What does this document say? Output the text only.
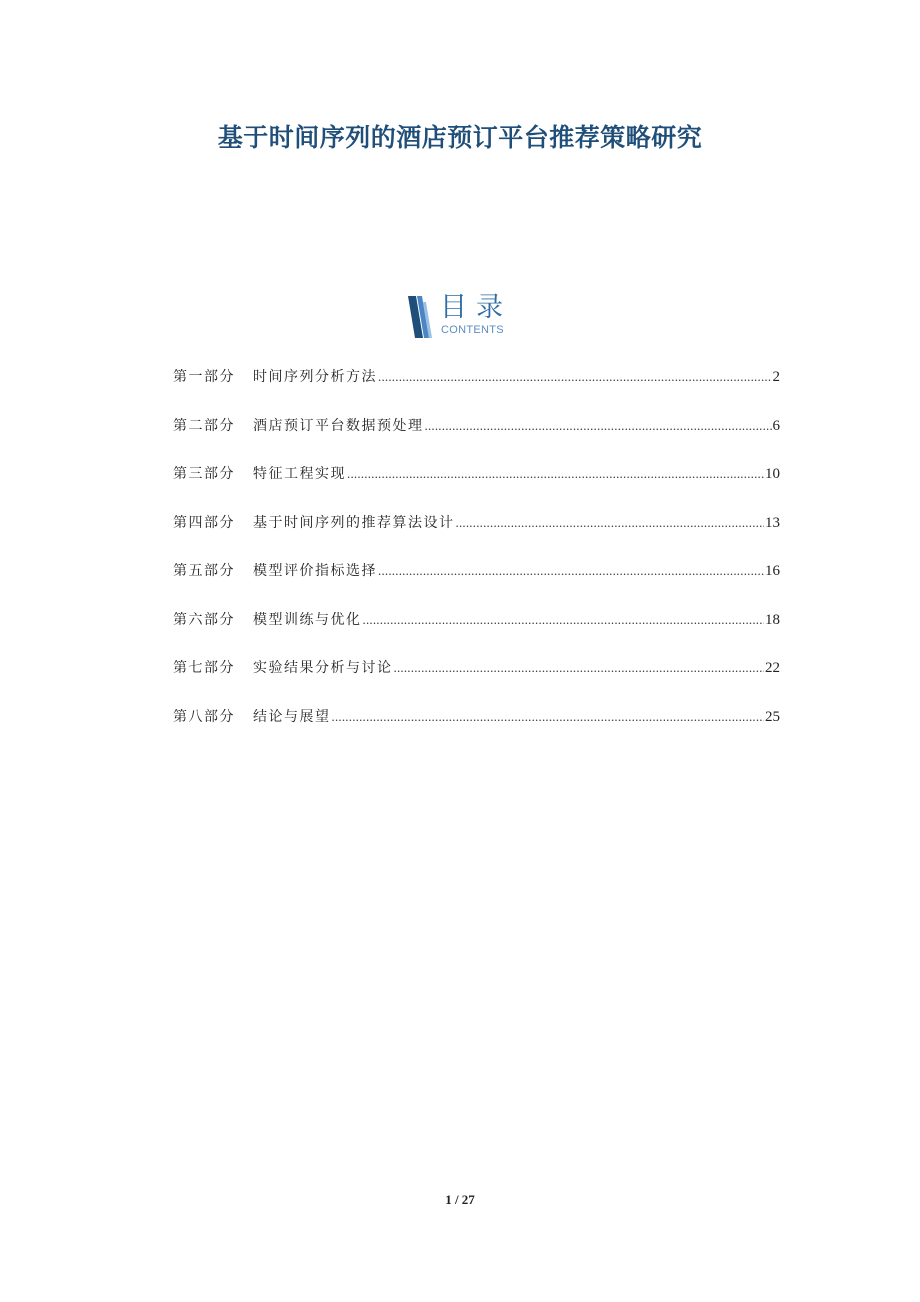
基于时间序列的酒店预订平台推荐策略研究
目录
CONTENTS
第一部分	时间序列分析方法 .....	2
第二部分	酒店预订平台数据预处理 .....	6
第三部分	特征工程实现 .....	10
第四部分	基于时间序列的推荐算法设计 .....	13
第五部分	模型评价指标选择 .....	16
第六部分	模型训练与优化 .....	18
第七部分	实验结果分析与讨论 .....	22
第八部分	结论与展望 .....	25
1 / 27
